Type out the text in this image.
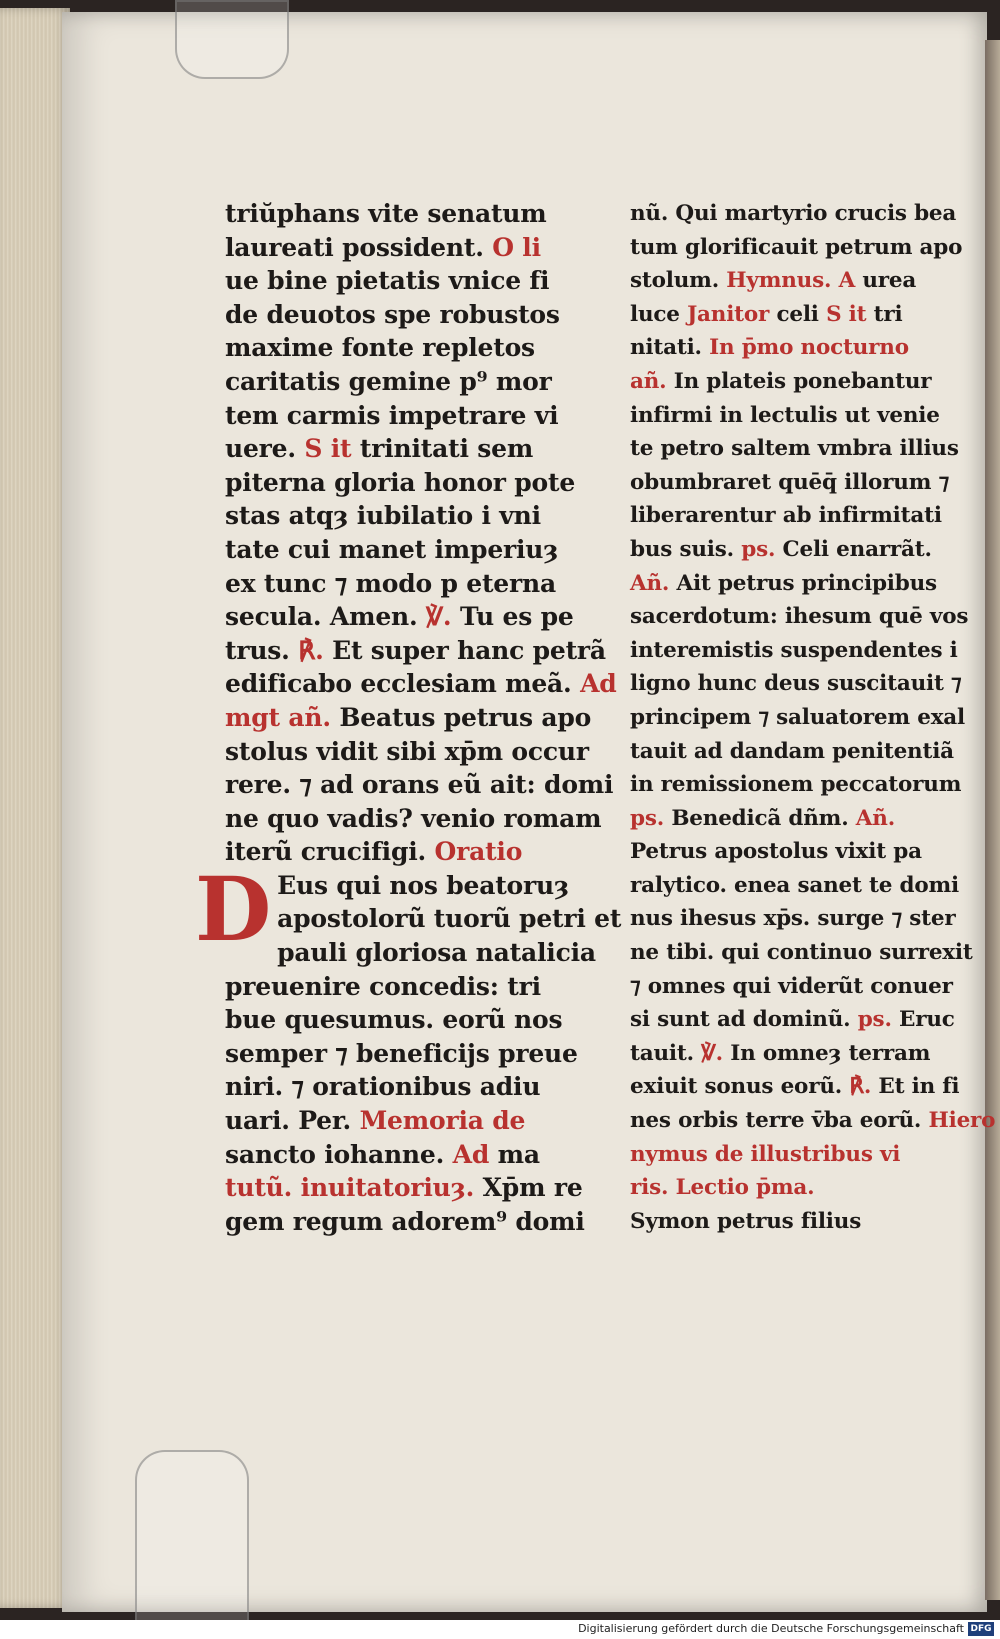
triŭphans vite senatum
laureati possident. O li
ue bine pietatis vnice fi
de deuotos spe robustos
maxime fonte repletos
caritatis gemine p⁹ mor
tem carmis impetrare vi
uere. S it trinitati sem
piterna gloria honor pote
stas atqȝ iubilatio i vni
tate cui manet imperiuȝ
ex tunc ⁊ modo p eterna
secula. Amen. ℣. Tu es pe
trus. ℟. Et super hanc petrã
edificabo ecclesiam meã. Ad
mgt añ. Beatus petrus apo
stolus vidit sibi xp̄m occur
rere. ⁊ ad orans eũ ait: domi
ne quo vadis? venio romam
iterũ crucifigi. Oratio
D Eus qui nos beatoruȝ
apostolorũ tuorũ petri et
pauli gloriosa natalicia
preuenire concedis: tri
bue quesumus. eorũ nos
semper ⁊ beneficijs preue
niri. ⁊ orationibus adiu
uari. Per. Memoria de
sancto iohanne. Ad ma
tutũ. inuitatoriuȝ. Xp̄m re
gem regum adorem⁹ domi
nũ. Qui martyrio crucis bea
tum glorificauit petrum apo
stolum. Hymnus. A urea
luce Janitor celi S it tri
nitati. In p̄mo nocturno
añ. In plateis ponebantur
infirmi in lectulis ut venie
te petro saltem vmbra illius
obumbraret quēq̄ illorum ⁊
liberarentur ab infirmitati
bus suis. ps. Celi enarrãt.
Añ. Ait petrus principibus
sacerdotum: ihesum quē vos
interemistis suspendentes i
ligno hunc deus suscitauit ⁊
principem ⁊ saluatorem exal
tauit ad dandam penitentiã
in remissionem peccatorum
ps. Benedicã dñm. Añ.
Petrus apostolus vixit pa
ralytico. enea sanet te domi
nus ihesus xp̄s. surge ⁊ ster
ne tibi. qui continuo surrexit
⁊ omnes qui viderũt conuer
si sunt ad dominũ. ps. Eruc
tauit. ℣. In omneȝ terram
exiuit sonus eorũ. ℟. Et in fi
nes orbis terre v̄ba eorũ. Hiero
nymus de illustribus vi
ris. Lectio p̄ma.
Symon petrus filius
Digitalisierung gefördert durch die Deutsche Forschungsgemeinschaft DFG
